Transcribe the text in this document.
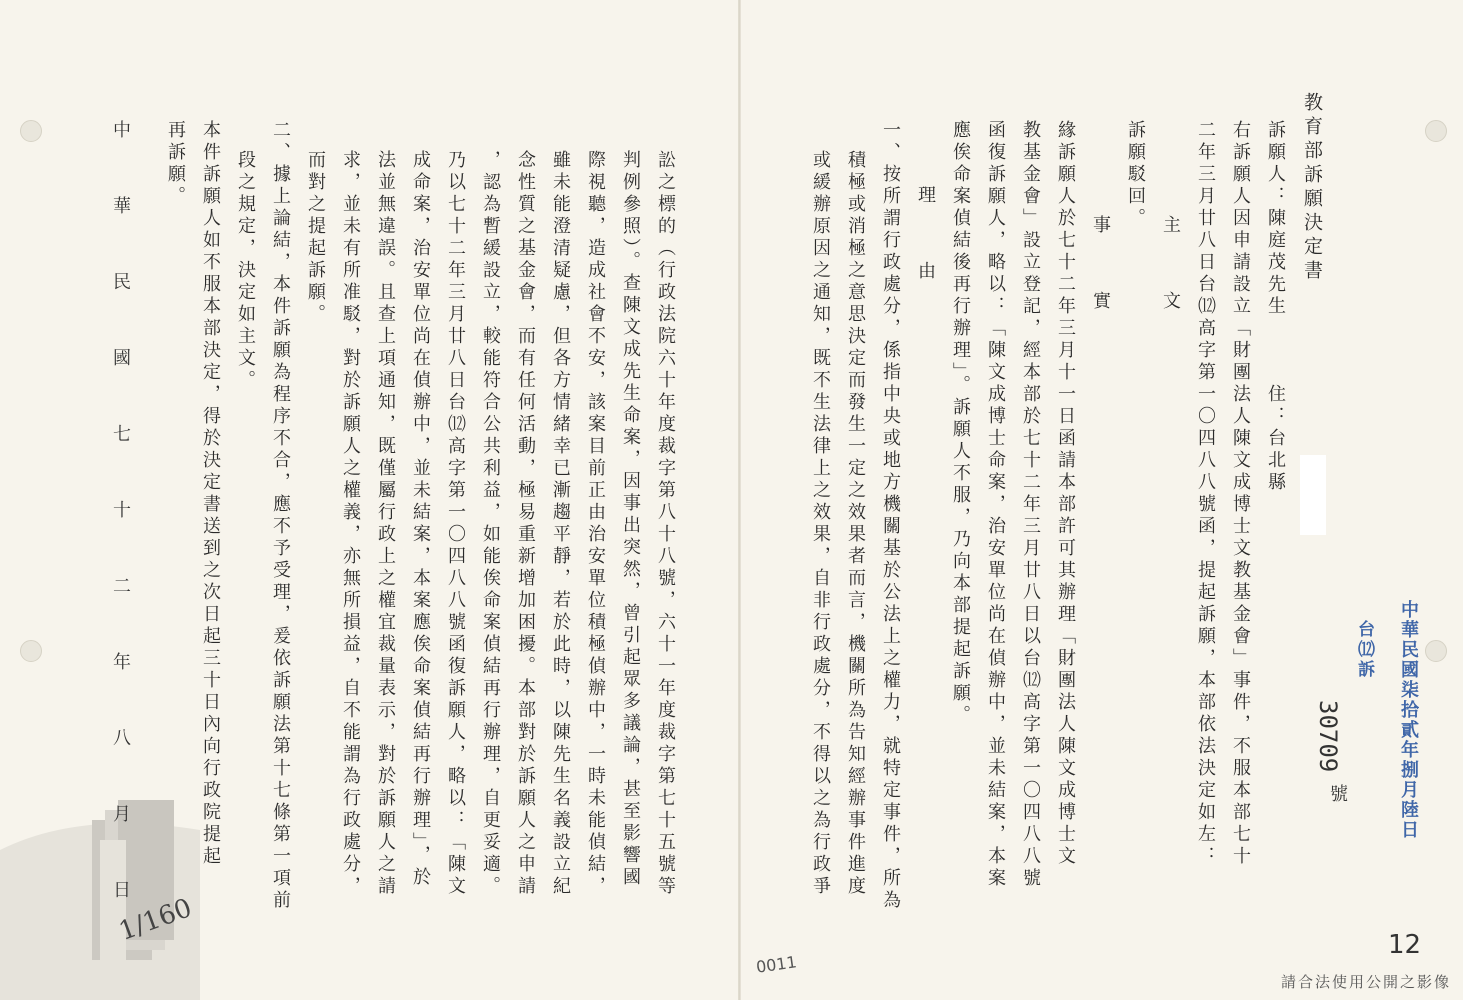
教育部訴願決定書
訴願人：陳庭茂先生　　　住：台北縣
右訴願人因申請設立「財團法人陳文成博士文教基金會」事件，不服本部七十
二年三月廿八日台⑿高字第一〇四八八號函，提起訴願，本部依法決定如左：
主　文
訴願駁回。
事　實
緣訴願人於七十二年三月十一日函請本部許可其辦理「財團法人陳文成博士文
教基金會」設立登記，經本部於七十二年三月廿八日以台⑿高字第一〇四八八號
函復訴願人，略以：「陳文成博士命案，治安單位尚在偵辦中，並未結案，本案
應俟命案偵結後再行辦理」。訴願人不服，乃向本部提起訴願。
理　由
一、按所謂行政處分，係指中央或地方機關基於公法上之權力，就特定事件，所為
積極或消極之意思決定而發生一定之效果者而言，機關所為告知經辦事件進度
或緩辦原因之通知，既不生法律上之效果，自非行政處分，不得以之為行政爭
訟之標的（行政法院六十年度裁字第八十八號，六十一年度裁字第七十五號等
判例參照）。查陳文成先生命案，因事出突然，曾引起眾多議論，甚至影響國
際視聽，造成社會不安，該案目前正由治安單位積極偵辦中，一時未能偵結，
雖未能澄清疑慮，但各方情緒幸已漸趨平靜，若於此時，以陳先生名義設立紀
念性質之基金會，而有任何活動，極易重新增加困擾。本部對於訴願人之申請
，認為暫緩設立，較能符合公共利益，如能俟命案偵結再行辦理，自更妥適。
乃以七十二年三月廿八日台⑿高字第一〇四八八號函復訴願人，略以：「陳文
成命案，治安單位尚在偵辦中，並未結案，本案應俟命案偵結再行辦理」，於
法並無違誤。且查上項通知，既僅屬行政上之權宜裁量表示，對於訴願人之請
求，並未有所准駁，對於訴願人之權義，亦無所損益，自不能謂為行政處分，
而對之提起訴願。
二、據上論結，本件訴願為程序不合，應不予受理，爰依訴願法第十七條第一項前
段之規定，決定如主文。
本件訴願人如不服本部決定，得於決定書送到之次日起三十日內向行政院提起
再訴願。
中華民國七十二年八月日	中華民國柒拾貳年捌月陸日
台⑿訴
30709
號
12
0011
1/160
請合法使用公開之影像
